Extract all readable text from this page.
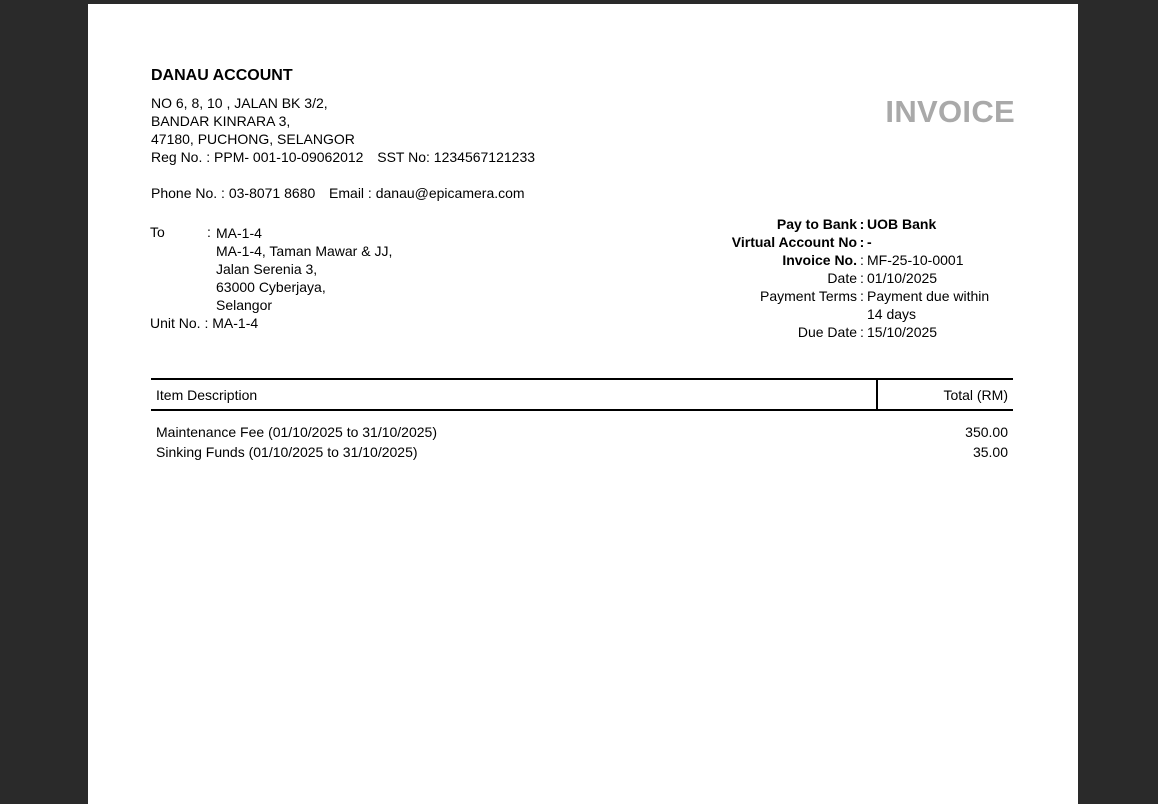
DANAU ACCOUNT
NO 6, 8, 10 , JALAN BK 3/2,
BANDAR KINRARA 3,
47180, PUCHONG, SELANGOR
Reg No. : PPM- 001-10-09062012 SST No: 1234567121233
Phone No. : 03-8071 8680 Email : danau@epicamera.com
INVOICE
To	: MA-1-4
MA-1-4, Taman Mawar & JJ,
Jalan Serenia 3,
63000 Cyberjaya,
Selangor
Unit No. : MA-1-4
Pay to Bank : UOB Bank
Virtual Account No : -
Invoice No. : MF-25-10-0001
Date : 01/10/2025
Payment Terms : Payment due within 14 days
Due Date : 15/10/2025
Item Description	Total (RM)
Maintenance Fee (01/10/2025 to 31/10/2025)	350.00
Sinking Funds (01/10/2025 to 31/10/2025)	35.00
